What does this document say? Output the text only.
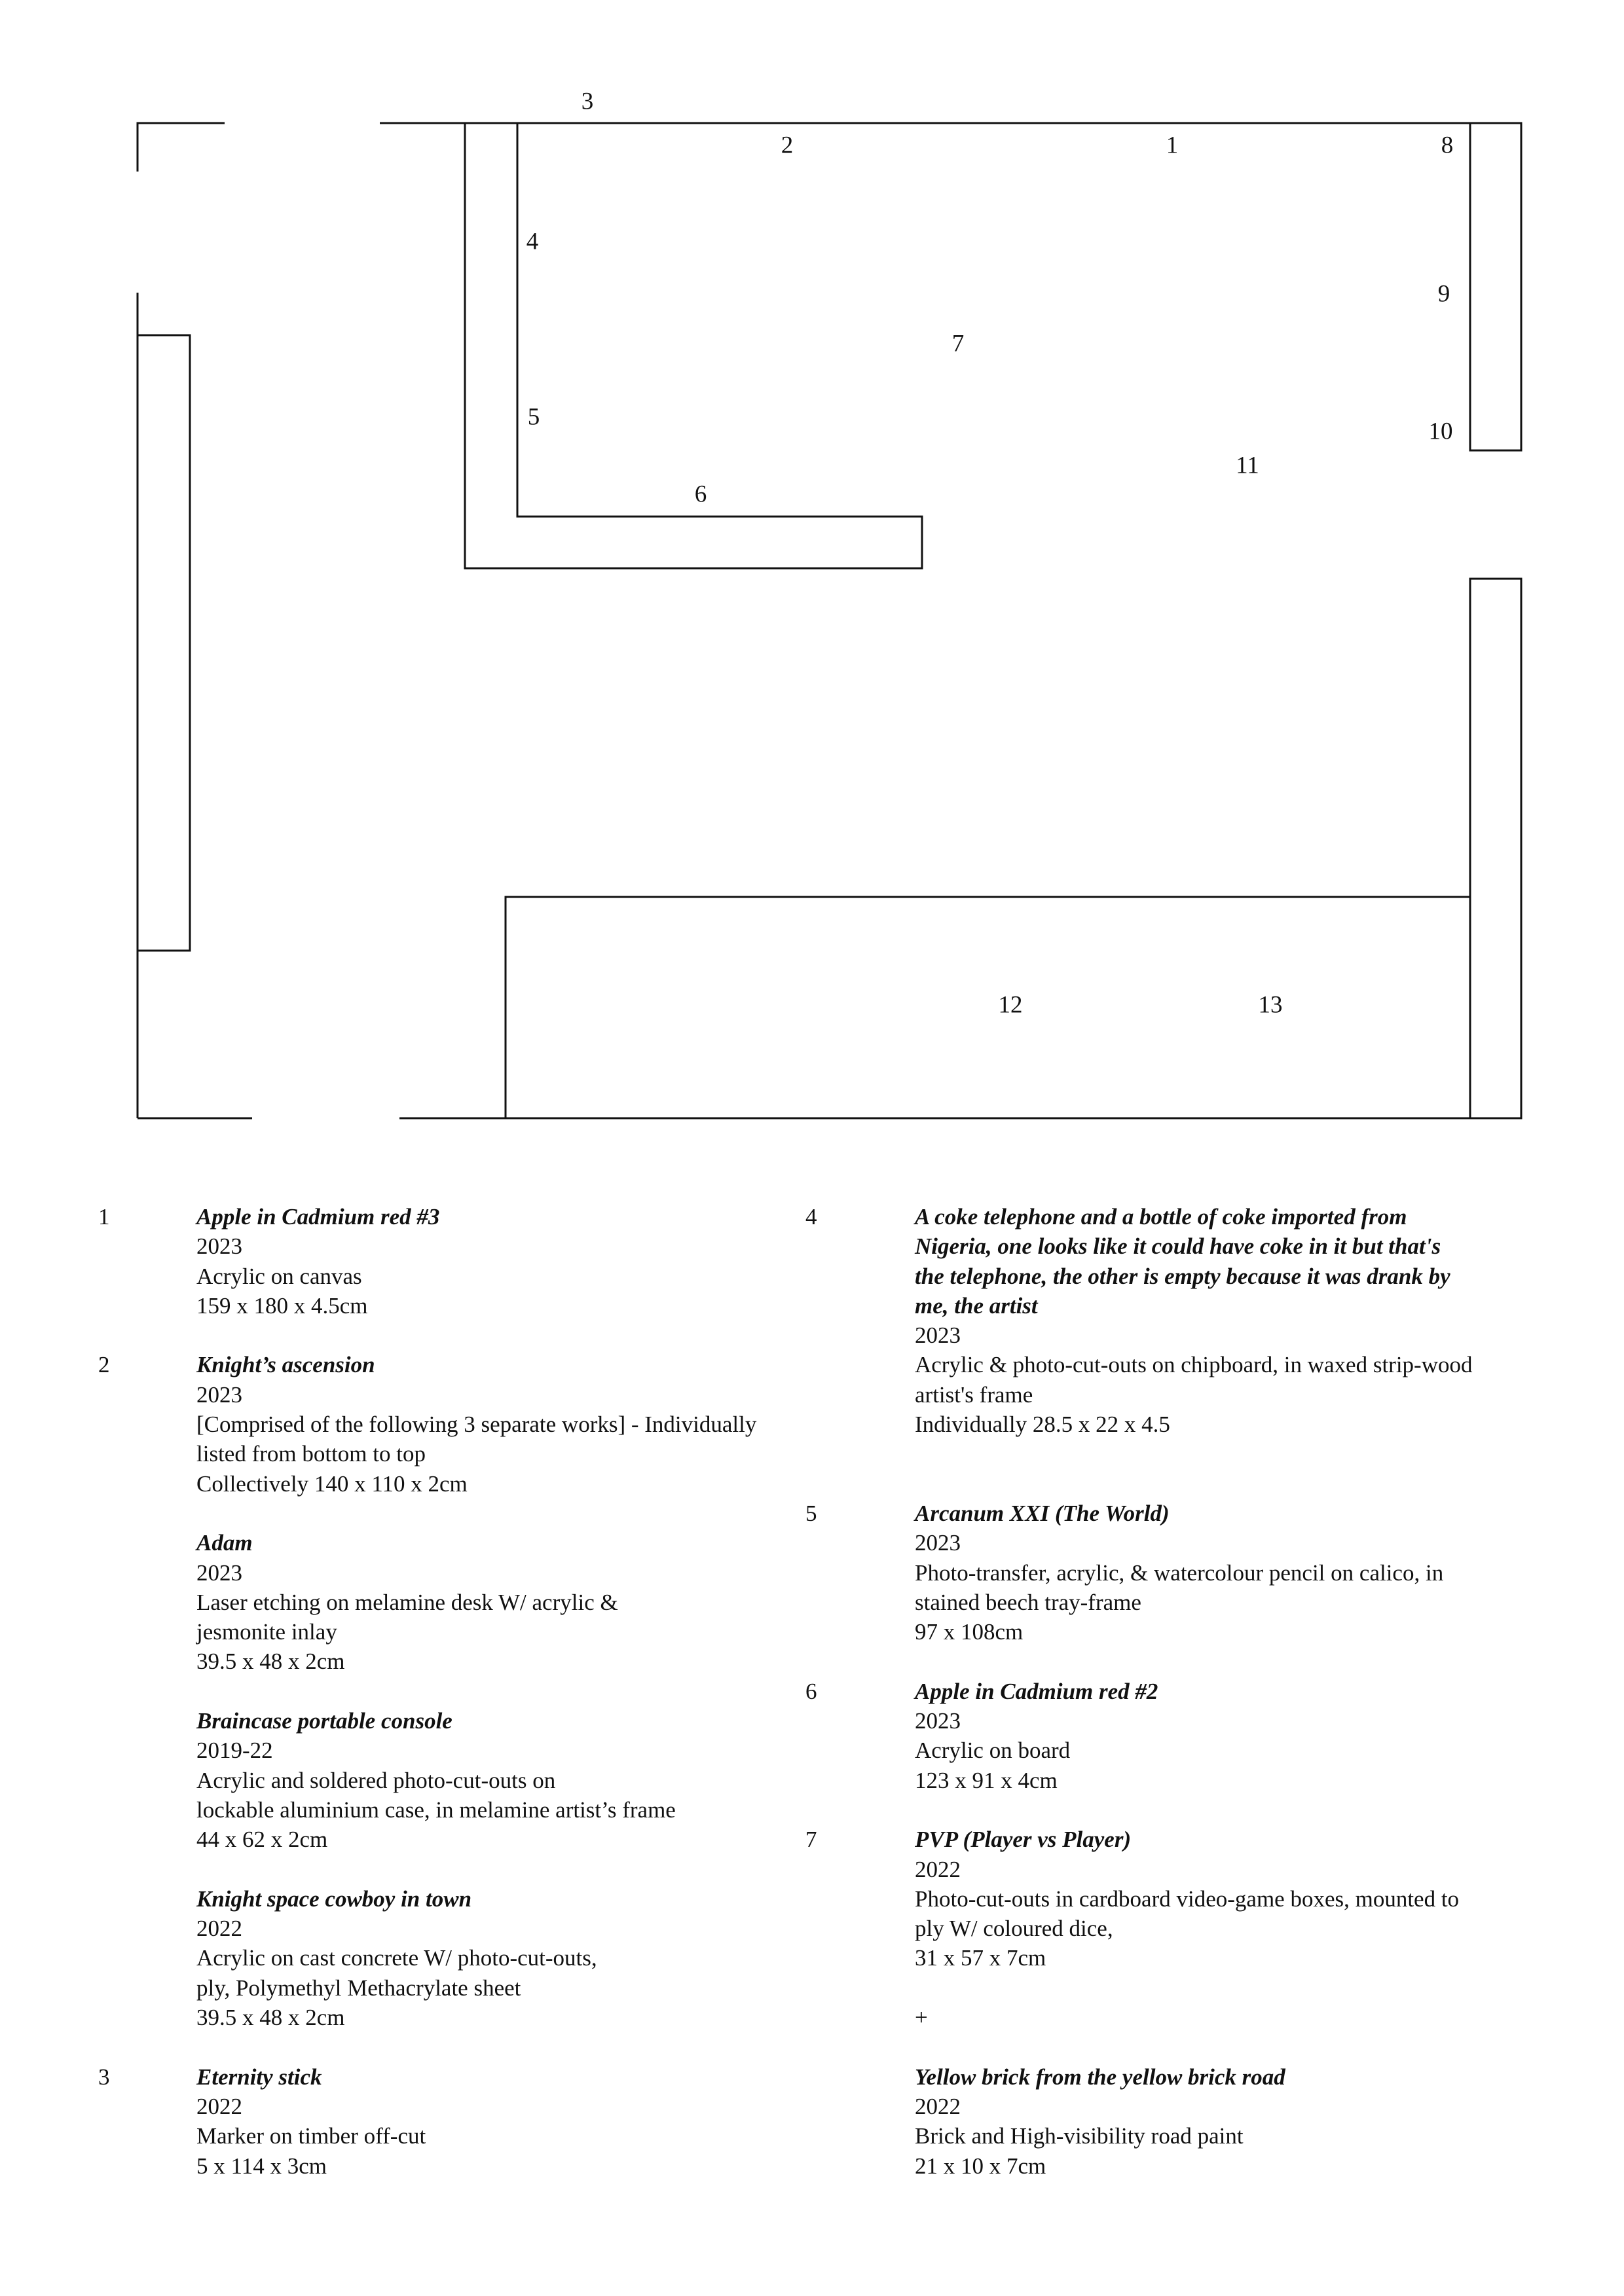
1
2
3
4
5
6
7
8
9
10
11
12	13
1	Apple in Cadmium red #3
2023
Acrylic on canvas
159 x 180 x 4.5cm
2	Knight’s ascension
2023
[Comprised of the following 3 separate works] - Individually
listed from bottom to top
Collectively 140 x 110 x 2cm
Adam
2023
Laser etching on melamine desk W/ acrylic &
jesmonite inlay
39.5 x 48 x 2cm
Braincase portable console
2019-22
Acrylic and soldered photo-cut-outs on
lockable aluminium case, in melamine artist’s frame
44 x 62 x 2cm
Knight space cowboy in town
2022
Acrylic on cast concrete W/ photo-cut-outs,
ply, Polymethyl Methacrylate sheet
39.5 x 48 x 2cm
3	Eternity stick
2022
Marker on timber off-cut
5 x 114 x 3cm
4	A coke telephone and a bottle of coke imported from
Nigeria, one looks like it could have coke in it but that's
the telephone, the other is empty because it was drank by
me, the artist
2023
Acrylic & photo-cut-outs on chipboard, in waxed strip-wood
artist's frame
Individually 28.5 x 22 x 4.5
5	Arcanum XXI (The World)
2023
Photo-transfer, acrylic, & watercolour pencil on calico, in
stained beech tray-frame
97 x 108cm
6	Apple in Cadmium red #2
2023
Acrylic on board
123 x 91 x 4cm
7	PVP (Player vs Player)
2022
Photo-cut-outs in cardboard video-game boxes, mounted to
ply W/ coloured dice,
31 x 57 x 7cm
+
Yellow brick from the yellow brick road
2022
Brick and High-visibility road paint
21 x 10 x 7cm
